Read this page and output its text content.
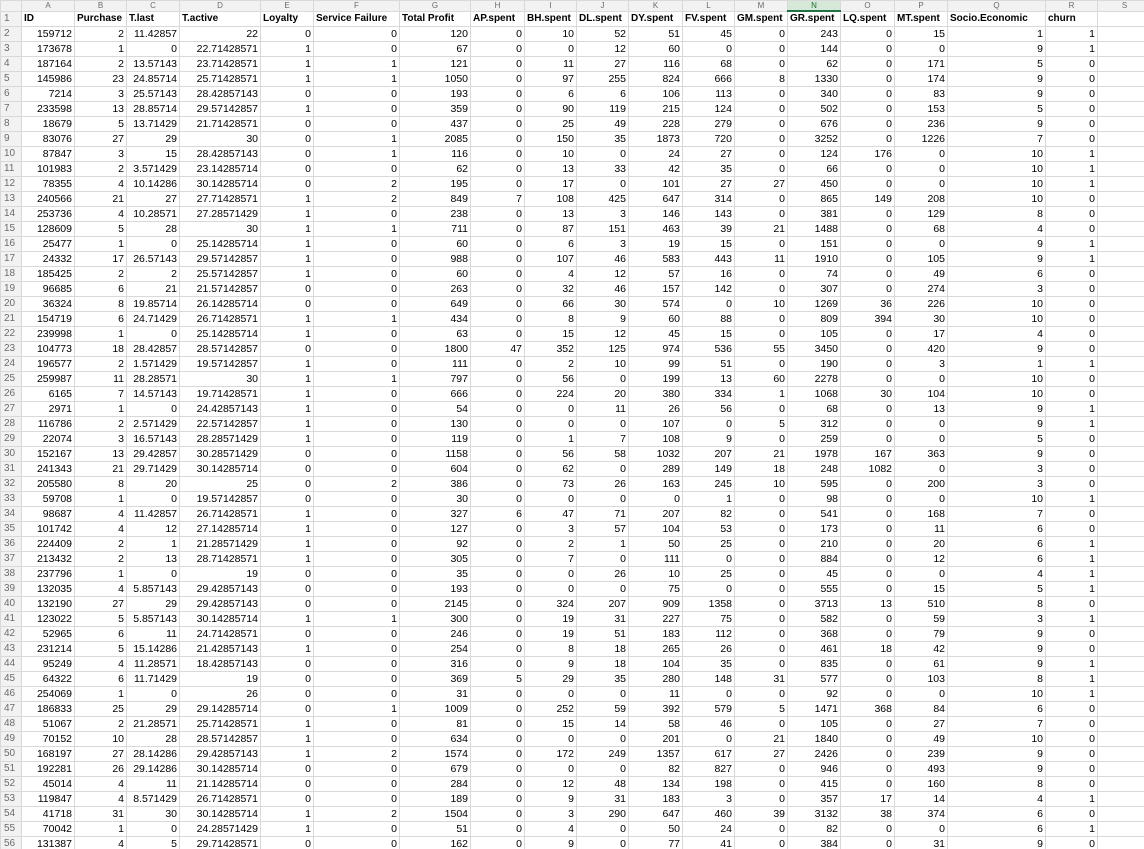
	A	B	C	D	E	F	G	H	I	J	K	L	M	N	O	P	Q	R	S
1	ID	Purchase	T.last	T.active	Loyalty	Service Failure	Total Profit	AP.spent	BH.spent	DL.spent	DY.spent	FV.spent	GM.spent	GR.spent	LQ.spent	MT.spent	Socio.Economic	churn	
2	159712	2	11.42857	22	0	0	120	0	10	52	51	45	0	243	0	15	1	1	
3	173678	1	0	22.71428571	1	0	67	0	0	12	60	0	0	144	0	0	9	1	
4	187164	2	13.57143	23.71428571	1	1	121	0	11	27	116	68	0	62	0	171	5	0	
5	145986	23	24.85714	25.71428571	1	1	1050	0	97	255	824	666	8	1330	0	174	9	0	
6	7214	3	25.57143	28.42857143	0	0	193	0	6	6	106	113	0	340	0	83	9	0	
7	233598	13	28.85714	29.57142857	1	0	359	0	90	119	215	124	0	502	0	153	5	0	
8	18679	5	13.71429	21.71428571	0	0	437	0	25	49	228	279	0	676	0	236	9	0	
9	83076	27	29	30	0	1	2085	0	150	35	1873	720	0	3252	0	1226	7	0	
10	87847	3	15	28.42857143	0	1	116	0	10	0	24	27	0	124	176	0	10	1	
11	101983	2	3.571429	23.14285714	0	0	62	0	13	33	42	35	0	66	0	0	10	1	
12	78355	4	10.14286	30.14285714	0	2	195	0	17	0	101	27	27	450	0	0	10	1	
13	240566	21	27	27.71428571	1	2	849	7	108	425	647	314	0	865	149	208	10	0	
14	253736	4	10.28571	27.28571429	1	0	238	0	13	3	146	143	0	381	0	129	8	0	
15	128609	5	28	30	1	1	711	0	87	151	463	39	21	1488	0	68	4	0	
16	25477	1	0	25.14285714	1	0	60	0	6	3	19	15	0	151	0	0	9	1	
17	24332	17	26.57143	29.57142857	1	0	988	0	107	46	583	443	11	1910	0	105	9	1	
18	185425	2	2	25.57142857	1	0	60	0	4	12	57	16	0	74	0	49	6	0	
19	96685	6	21	21.57142857	0	0	263	0	32	46	157	142	0	307	0	274	3	0	
20	36324	8	19.85714	26.14285714	0	0	649	0	66	30	574	0	10	1269	36	226	10	0	
21	154719	6	24.71429	26.71428571	1	1	434	0	8	9	60	88	0	809	394	30	10	0	
22	239998	1	0	25.14285714	1	0	63	0	15	12	45	15	0	105	0	17	4	0	
23	104773	18	28.42857	28.57142857	0	0	1800	47	352	125	974	536	55	3450	0	420	9	0	
24	196577	2	1.571429	19.57142857	1	0	111	0	2	10	99	51	0	190	0	3	1	1	
25	259987	11	28.28571	30	1	1	797	0	56	0	199	13	60	2278	0	0	10	0	
26	6165	7	14.57143	19.71428571	1	0	666	0	224	20	380	334	1	1068	30	104	10	0	
27	2971	1	0	24.42857143	1	0	54	0	0	11	26	56	0	68	0	13	9	1	
28	116786	2	2.571429	22.57142857	1	0	130	0	0	0	107	0	5	312	0	0	9	1	
29	22074	3	16.57143	28.28571429	1	0	119	0	1	7	108	9	0	259	0	0	5	0	
30	152167	13	29.42857	30.28571429	0	0	1158	0	56	58	1032	207	21	1978	167	363	9	0	
31	241343	21	29.71429	30.14285714	0	0	604	0	62	0	289	149	18	248	1082	0	3	0	
32	205580	8	20	25	0	2	386	0	73	26	163	245	10	595	0	200	3	0	
33	59708	1	0	19.57142857	0	0	30	0	0	0	0	1	0	98	0	0	10	1	
34	98687	4	11.42857	26.71428571	1	0	327	6	47	71	207	82	0	541	0	168	7	0	
35	101742	4	12	27.14285714	1	0	127	0	3	57	104	53	0	173	0	11	6	0	
36	224409	2	1	21.28571429	1	0	92	0	2	1	50	25	0	210	0	20	6	1	
37	213432	2	13	28.71428571	1	0	305	0	7	0	111	0	0	884	0	12	6	1	
38	237796	1	0	19	0	0	35	0	0	26	10	25	0	45	0	0	4	1	
39	132035	4	5.857143	29.42857143	0	0	193	0	0	0	75	0	0	555	0	15	5	1	
40	132190	27	29	29.42857143	0	0	2145	0	324	207	909	1358	0	3713	13	510	8	0	
41	123022	5	5.857143	30.14285714	1	1	300	0	19	31	227	75	0	582	0	59	3	1	
42	52965	6	11	24.71428571	0	0	246	0	19	51	183	112	0	368	0	79	9	0	
43	231214	5	15.14286	21.42857143	1	0	254	0	8	18	265	26	0	461	18	42	9	0	
44	95249	4	11.28571	18.42857143	0	0	316	0	9	18	104	35	0	835	0	61	9	1	
45	64322	6	11.71429	19	0	0	369	5	29	35	280	148	31	577	0	103	8	1	
46	254069	1	0	26	0	0	31	0	0	0	11	0	0	92	0	0	10	1	
47	186833	25	29	29.14285714	0	1	1009	0	252	59	392	579	5	1471	368	84	6	0	
48	51067	2	21.28571	25.71428571	1	0	81	0	15	14	58	46	0	105	0	27	7	0	
49	70152	10	28	28.57142857	1	0	634	0	0	0	201	0	21	1840	0	49	10	0	
50	168197	27	28.14286	29.42857143	1	2	1574	0	172	249	1357	617	27	2426	0	239	9	0	
51	192281	26	29.14286	30.14285714	0	0	679	0	0	0	82	827	0	946	0	493	9	0	
52	45014	4	11	21.14285714	0	0	284	0	12	48	134	198	0	415	0	160	8	0	
53	119847	4	8.571429	26.71428571	0	0	189	0	9	31	183	3	0	357	17	14	4	1	
54	41718	31	30	30.14285714	1	2	1504	0	3	290	647	460	39	3132	38	374	6	0	
55	70042	1	0	24.28571429	1	0	51	0	4	0	50	24	0	82	0	0	6	1	
56	131387	4	5	29.71428571	0	0	162	0	9	0	77	41	0	384	0	31	9	0	
